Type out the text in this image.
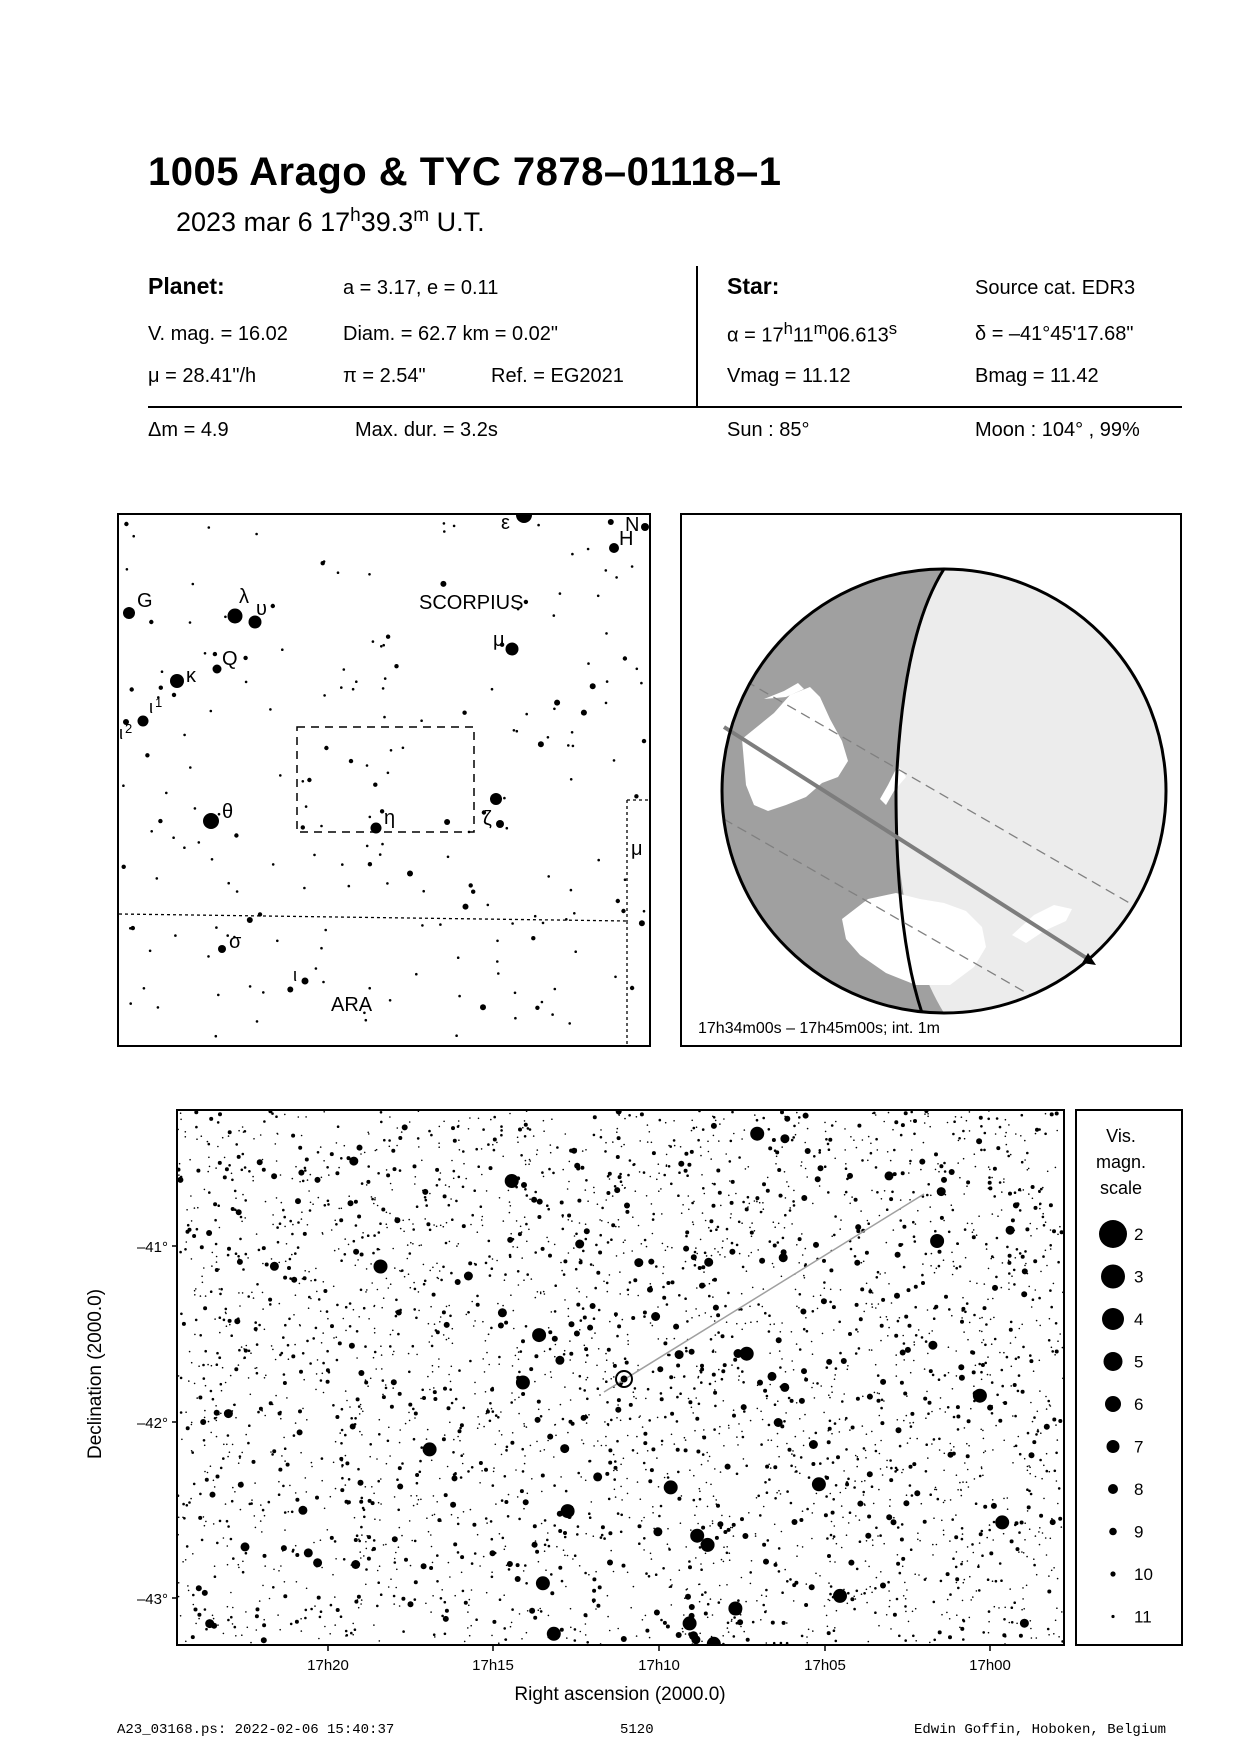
1005 Arago & TYC 7878–01118–1
2023 mar 6 17$^h$39.3$^m$ U.T.
Planet:	a = 3.17, e = 0.11
V. mag. = 16.02	Diam. = 62.7 km = 0.02"
μ = 28.41"/h	π = 2.54"	Ref. = EG2021
Star:	Source cat. EDR3
$\alpha = 17^h11^m06.613^s$	δ = –41°45'17.68"
Vmag = 11.12	Bmag = 11.42
Δm = 4.9	Max. dur. = 3.2s	Sun : 85°	Moon : 104° , 99%
ε	N
H
G	λ
υ	SCORPIUS
μ
κ
Q
ι $^1$
ι $^2$
θ	η	ζ
μ
σ
ι
ARA
17h34m00s – 17h45m00s; int. 1m
–41°
–42°
–43°
17h20	17h15	17h10	17h05	17h00
Right ascension (2000.0)
Declination (2000.0)
Vis.
magn.
scale
2
3
4
5
6
7
8
9
10
11
A23_03168.ps: 2022-02-06 15:40:37	5120	Edwin Goffin, Hoboken, Belgium
